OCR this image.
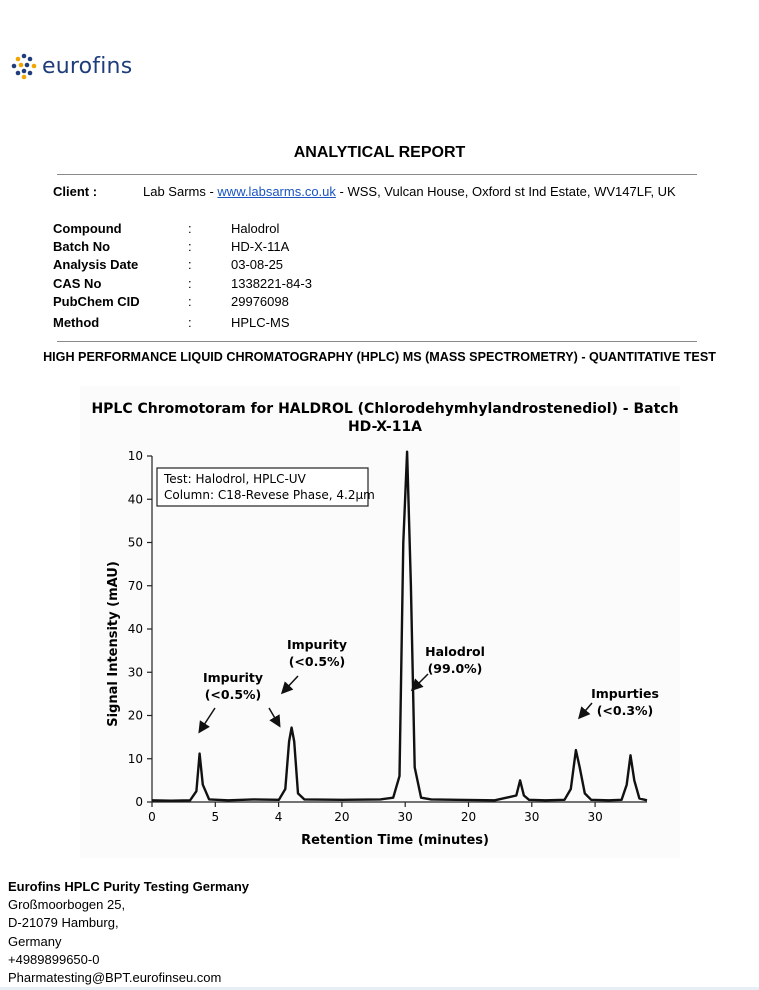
eurofins
ANALYTICAL REPORT
Client :	Lab Sarms - www.labsarms.co.uk - WSS, Vulcan House, Oxford st Ind Estate, WV147LF, UK
Compound	:	Halodrol
Batch No	:	HD-X-11A
Analysis Date	:	03-08-25
CAS No	:	1338221-84-3
PubChem CID	:	29976098
Method	:	HPLC-MS
HIGH PERFORMANCE LIQUID CHROMATOGRAPHY (HPLC) MS (MASS SPECTROMETRY) - QUANTITATIVE TEST
HPLC Chromotoram for HALDROL (Chlorodehymhylandrostenediol) - Batch
HD-X-11A
0
10
20
30
40
70
50
40
10
0	5	4	20	30	20	30	30
Test: Halodrol, HPLC-UV
Column: C18-Revese Phase, 4.2µm
Impurity
(<0.5%)
Impurity
(<0.5%)
Halodrol
(99.0%)
Impurties
(<0.3%)
Retention Time (minutes)
Signal Intensity (mAU)
Eurofins HPLC Purity Testing Germany
Großmoorbogen 25,
D-21079 Hamburg,
Germany
+4989899650-0
Pharmatesting@BPT.eurofinseu.com
